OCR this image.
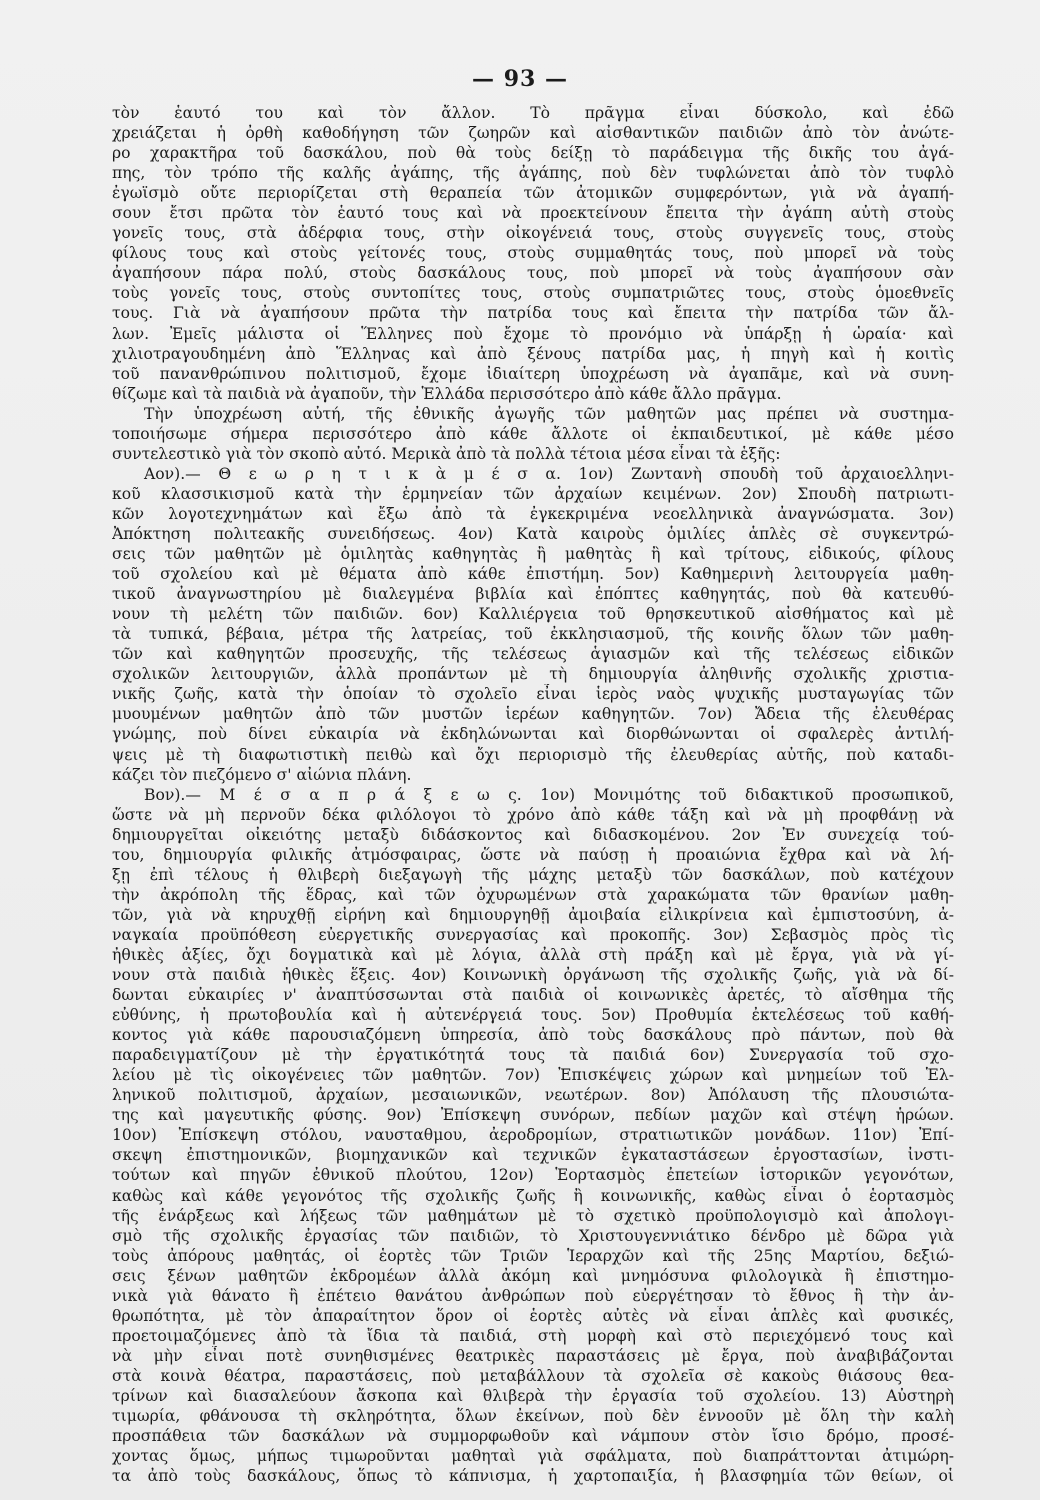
— 93 —
τὸν ἑαυτό του καὶ τὸν ἄλλον. Τὸ πρᾶγμα εἶναι δύσκολο, καὶ ἐδῶ
χρειάζεται ἡ ὀρθὴ καθοδήγηση τῶν ζωηρῶν καὶ αἰσθαντικῶν παιδιῶν ἀπὸ τὸν ἀνώτε-
ρο χαρακτῆρα τοῦ δασκάλου, ποὺ θὰ τοὺς δείξῃ τὸ παράδειγμα τῆς δικῆς του ἀγά-
πης, τὸν τρόπο τῆς καλῆς ἀγάπης, τῆς ἀγάπης, ποὺ δὲν τυφλώνεται ἀπὸ τὸν τυφλὸ
ἐγωϊσμὸ οὔτε περιορίζεται στὴ θεραπεία τῶν ἀτομικῶν συμφερόντων, γιὰ νὰ ἀγαπή-
σουν ἔτσι πρῶτα τὸν ἑαυτό τους καὶ νὰ προεκτείνουν ἔπειτα τὴν ἀγάπη αὐτὴ στοὺς
γονεῖς τους, στὰ ἀδέρφια τους, στὴν οἰκογένειά τους, στοὺς συγγενεῖς τους, στοὺς
φίλους τους καὶ στοὺς γείτονές τους, στοὺς συμμαθητάς τους, ποὺ μπορεῖ νὰ τοὺς
ἀγαπήσουν πάρα πολύ, στοὺς δασκάλους τους, ποὺ μπορεῖ νὰ τοὺς ἀγαπήσουν σὰν
τοὺς γονεῖς τους, στοὺς συντοπίτες τους, στοὺς συμπατριῶτες τους, στοὺς ὁμοεθνεῖς
τους. Γιὰ νὰ ἀγαπήσουν πρῶτα τὴν πατρίδα τους καὶ ἔπειτα τὴν πατρίδα τῶν ἄλ-
λων. Ἐμεῖς μάλιστα οἱ Ἕλληνες ποὺ ἔχομε τὸ προνόμιο νὰ ὑπάρξῃ ἡ ὡραία· καὶ
χιλιοτραγουδημένη ἀπὸ Ἕλληνας καὶ ἀπὸ ξένους πατρίδα μας, ἡ πηγὴ καὶ ἡ κοιτὶς
τοῦ πανανθρώπινου πολιτισμοῦ, ἔχομε ἰδιαίτερη ὑποχρέωση νὰ ἀγαπᾶμε, καὶ νὰ συνη-
θίζωμε καὶ τὰ παιδιὰ νὰ ἀγαποῦν, τὴν Ἑλλάδα περισσότερο ἀπὸ κάθε ἄλλο πρᾶγμα.
Τὴν ὑποχρέωση αὐτή, τῆς ἐθνικῆς ἀγωγῆς τῶν μαθητῶν μας πρέπει νὰ συστημα-
τοποιήσωμε σήμερα περισσότερο ἀπὸ κάθε ἄλλοτε οἱ ἐκπαιδευτικοί, μὲ κάθε μέσο
συντελεστικὸ γιὰ τὸν σκοπὸ αὐτό. Μερικὰ ἀπὸ τὰ πολλὰ τέτοια μέσα εἶναι τὰ ἑξῆς:
Αον).— Θ ε ω ρ η τ ι κ ὰ μ έ σ α. 1ον) Ζωντανὴ σπουδὴ τοῦ ἀρχαιοελληνι-
κοῦ κλασσικισμοῦ κατὰ τὴν ἑρμηνείαν τῶν ἀρχαίων κειμένων. 2ον) Σπουδὴ πατριωτι-
κῶν λογοτεχνημάτων καὶ ἔξω ἀπὸ τὰ ἐγκεκριμένα νεοελληνικὰ ἀναγνώσματα. 3ον)
Ἀπόκτηση πολιτεακῆς συνειδήσεως. 4ον) Κατὰ καιροὺς ὁμιλίες ἁπλὲς σὲ συγκεντρώ-
σεις τῶν μαθητῶν μὲ ὁμιλητὰς καθηγητὰς ἢ μαθητὰς ἢ καὶ τρίτους, εἰδικούς, φίλους
τοῦ σχολείου καὶ μὲ θέματα ἀπὸ κάθε ἐπιστήμη. 5ον) Καθημερινὴ λειτουργεία μαθη-
τικοῦ ἀναγνωστηρίου μὲ διαλεγμένα βιβλία καὶ ἐπόπτες καθηγητάς, ποὺ θὰ κατευθύ-
νουν τὴ μελέτη τῶν παιδιῶν. 6ον) Καλλιέργεια τοῦ θρησκευτικοῦ αἰσθήματος καὶ μὲ
τὰ τυπικά, βέβαια, μέτρα τῆς λατρείας, τοῦ ἐκκλησιασμοῦ, τῆς κοινῆς ὅλων τῶν μαθη-
τῶν καὶ καθηγητῶν προσευχῆς, τῆς τελέσεως ἁγιασμῶν καὶ τῆς τελέσεως εἰδικῶν
σχολικῶν λειτουργιῶν, ἀλλὰ προπάντων μὲ τὴ δημιουργία ἀληθινῆς σχολικῆς χριστια-
νικῆς ζωῆς, κατὰ τὴν ὁποίαν τὸ σχολεῖο εἶναι ἱερὸς ναὸς ψυχικῆς μυσταγωγίας τῶν
μυουμένων μαθητῶν ἀπὸ τῶν μυστῶν ἱερέων καθηγητῶν. 7ον) Ἄδεια τῆς ἐλευθέρας
γνώμης, ποὺ δίνει εὐκαιρία νὰ ἐκδηλώνωνται καὶ διορθώνωνται οἱ σφαλερὲς ἀντιλή-
ψεις μὲ τὴ διαφωτιστικὴ πειθὼ καὶ ὄχι περιορισμὸ τῆς ἐλευθερίας αὐτῆς, ποὺ καταδι-
κάζει τὸν πιεζόμενο σ' αἰώνια πλάνη.
Βον).— Μ έ σ α π ρ ά ξ ε ω ς. 1ον) Μονιμότης τοῦ διδακτικοῦ προσωπικοῦ,
ὥστε νὰ μὴ περνοῦν δέκα φιλόλογοι τὸ χρόνο ἀπὸ κάθε τάξη καὶ νὰ μὴ προφθάνῃ νὰ
δημιουργεῖται οἰκειότης μεταξὺ διδάσκοντος καὶ διδασκομένου. 2ον Ἐν συνεχείᾳ τού-
του, δημιουργία φιλικῆς ἀτμόσφαιρας, ὥστε νὰ παύσῃ ἡ προαιώνια ἔχθρα καὶ νὰ λή-
ξῃ ἐπὶ τέλους ἡ θλιβερὴ διεξαγωγὴ τῆς μάχης μεταξὺ τῶν δασκάλων, ποὺ κατέχουν
τὴν ἀκρόπολη τῆς ἕδρας, καὶ τῶν ὀχυρωμένων στὰ χαρακώματα τῶν θρανίων μαθη-
τῶν, γιὰ νὰ κηρυχθῇ εἰρήνη καὶ δημιουργηθῇ ἀμοιβαία εἰλικρίνεια καὶ ἐμπιστοσύνη, ἀ-
ναγκαία προϋπόθεση εὐεργετικῆς συνεργασίας καὶ προκοπῆς. 3ον) Σεβασμὸς πρὸς τὶς
ἠθικὲς ἀξίες, ὄχι δογματικὰ καὶ μὲ λόγια, ἀλλὰ στὴ πράξη καὶ μὲ ἔργα, γιὰ νὰ γί-
νουν στὰ παιδιὰ ἠθικὲς ἕξεις. 4ον) Κοινωνικὴ ὀργάνωση τῆς σχολικῆς ζωῆς, γιὰ νὰ δί-
δωνται εὐκαιρίες ν' ἀναπτύσσωνται στὰ παιδιὰ οἱ κοινωνικὲς ἀρετές, τὸ αἴσθημα τῆς
εὐθύνης, ἡ πρωτοβουλία καὶ ἡ αὐτενέργειά τους. 5ον) Προθυμία ἐκτελέσεως τοῦ καθή-
κοντος γιὰ κάθε παρουσιαζόμενη ὑπηρεσία, ἀπὸ τοὺς δασκάλους πρὸ πάντων, ποὺ θὰ
παραδειγματίζουν μὲ τὴν ἐργατικότητά τους τὰ παιδιά 6ον) Συνεργασία τοῦ σχο-
λείου μὲ τὶς οἰκογένειες τῶν μαθητῶν. 7ον) Ἐπισκέψεις χώρων καὶ μνημείων τοῦ Ἑλ-
ληνικοῦ πολιτισμοῦ, ἀρχαίων, μεσαιωνικῶν, νεωτέρων. 8ον) Ἀπόλαυση τῆς πλουσιώτα-
της καὶ μαγευτικῆς φύσης. 9ον) Ἐπίσκεψη συνόρων, πεδίων μαχῶν καὶ στέψη ἡρώων.
10ον) Ἐπίσκεψη στόλου, ναυσταθμου, ἀεροδρομίων, στρατιωτικῶν μονάδων. 11ον) Ἐπί-
σκεψη ἐπιστημονικῶν, βιομηχανικῶν καὶ τεχνικῶν ἐγκαταστάσεων ἐργοστασίων, ἰνστι-
τούτων καὶ πηγῶν ἐθνικοῦ πλούτου, 12ον) Ἑορτασμὸς ἐπετείων ἱστορικῶν γεγονότων,
καθὼς καὶ κάθε γεγονότος τῆς σχολικῆς ζωῆς ἢ κοινωνικῆς, καθὼς εἶναι ὁ ἑορτασμὸς
τῆς ἐνάρξεως καὶ λήξεως τῶν μαθημάτων μὲ τὸ σχετικὸ προϋπολογισμὸ καὶ ἀπολογι-
σμὸ τῆς σχολικῆς ἐργασίας τῶν παιδιῶν, τὸ Χριστουγεννιάτικο δένδρο μὲ δῶρα γιὰ
τοὺς ἀπόρους μαθητάς, οἱ ἑορτὲς τῶν Τριῶν Ἱεραρχῶν καὶ τῆς 25ης Μαρτίου, δεξιώ-
σεις ξένων μαθητῶν ἐκδρομέων ἀλλὰ ἀκόμη καὶ μνημόσυνα φιλολογικὰ ἢ ἐπιστημο-
νικὰ γιὰ θάνατο ἢ ἐπέτειο θανάτου ἀνθρώπων ποὺ εὐεργέτησαν τὸ ἔθνος ἢ τὴν ἀν-
θρωπότητα, μὲ τὸν ἀπαραίτητον ὅρον οἱ ἑορτὲς αὐτὲς νὰ εἶναι ἁπλὲς καὶ φυσικές,
προετοιμαζόμενες ἀπὸ τὰ ἴδια τὰ παιδιά, στὴ μορφὴ καὶ στὸ περιεχόμενό τους καὶ
νὰ μὴν εἶναι ποτὲ συνηθισμένες θεατρικὲς παραστάσεις μὲ ἔργα, ποὺ ἀναβιβάζονται
στὰ κοινὰ θέατρα, παραστάσεις, ποὺ μεταβάλλουν τὰ σχολεῖα σὲ κακοὺς θιάσους θεα-
τρίνων καὶ διασαλεύουν ἄσκοπα καὶ θλιβερὰ τὴν ἐργασία τοῦ σχολείου. 13) Αὐστηρὴ
τιμωρία, φθάνουσα τὴ σκληρότητα, ὅλων ἐκείνων, ποὺ δὲν ἐννοοῦν μὲ ὅλη τὴν καλὴ
προσπάθεια τῶν δασκάλων νὰ συμμορφωθοῦν καὶ νάμπουν στὸν ἴσιο δρόμο, προσέ-
χοντας ὅμως, μήπως τιμωροῦνται μαθηταὶ γιὰ σφάλματα, ποὺ διαπράττονται ἀτιμώρη-
τα ἀπὸ τοὺς δασκάλους, ὅπως τὸ κάπνισμα, ἡ χαρτοπαιξία, ἡ βλασφημία τῶν θείων, οἱ
